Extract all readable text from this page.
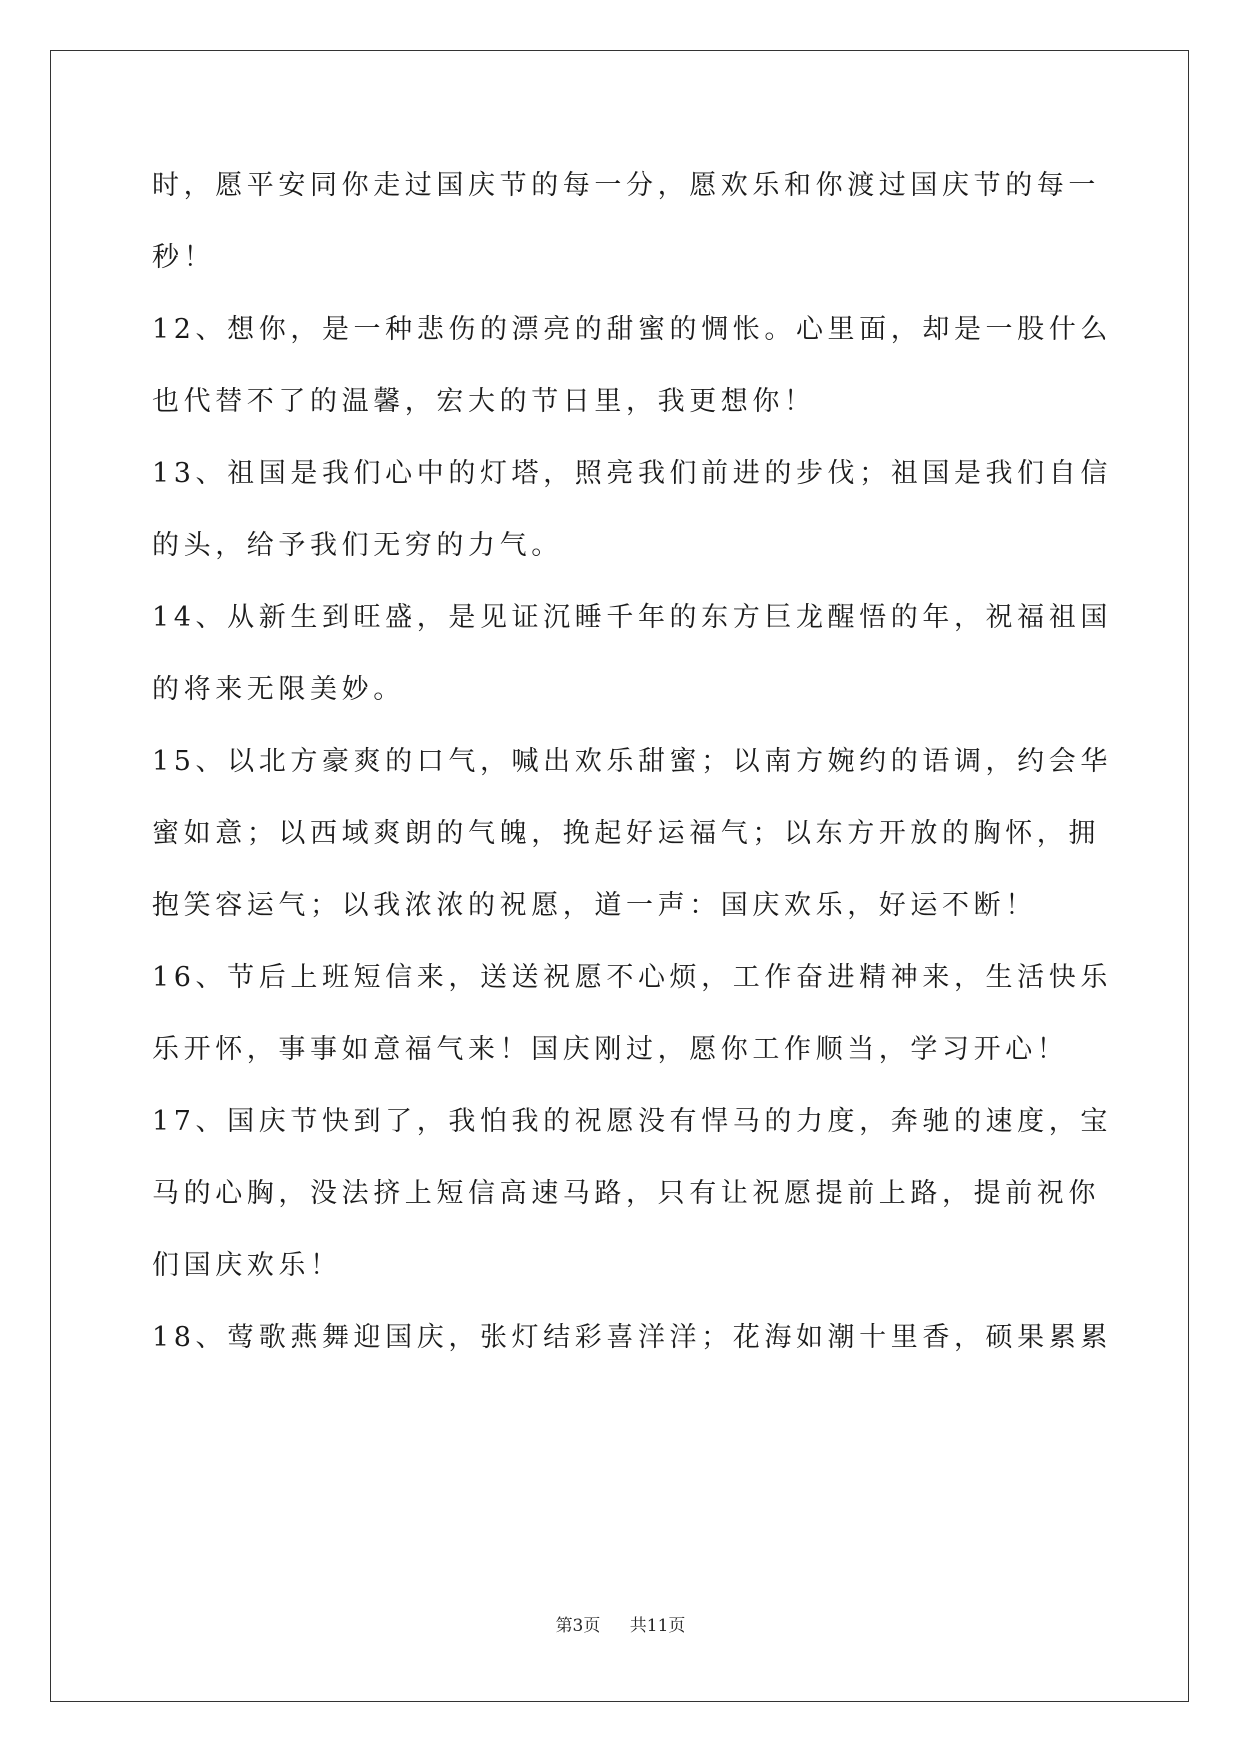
时，愿平安同你走过国庆节的每一分，愿欢乐和你渡过国庆节的每一
秒！
12、想你，是一种悲伤的漂亮的甜蜜的惆怅。心里面，却是一股什么
也代替不了的温馨，宏大的节日里，我更想你！
13、祖国是我们心中的灯塔，照亮我们前进的步伐；祖国是我们自信
的头，给予我们无穷的力气。
14、从新生到旺盛，是见证沉睡千年的东方巨龙醒悟的年，祝福祖国
的将来无限美妙。
15、以北方豪爽的口气，喊出欢乐甜蜜；以南方婉约的语调，约会华
蜜如意；以西域爽朗的气魄，挽起好运福气；以东方开放的胸怀，拥
抱笑容运气；以我浓浓的祝愿，道一声：国庆欢乐，好运不断！
16、节后上班短信来，送送祝愿不心烦，工作奋进精神来，生活快乐
乐开怀，事事如意福气来！国庆刚过，愿你工作顺当，学习开心！
17、国庆节快到了，我怕我的祝愿没有悍马的力度，奔驰的速度，宝
马的心胸，没法挤上短信高速马路，只有让祝愿提前上路，提前祝你
们国庆欢乐！
18、莺歌燕舞迎国庆，张灯结彩喜洋洋；花海如潮十里香，硕果累累
第3页 共11页
